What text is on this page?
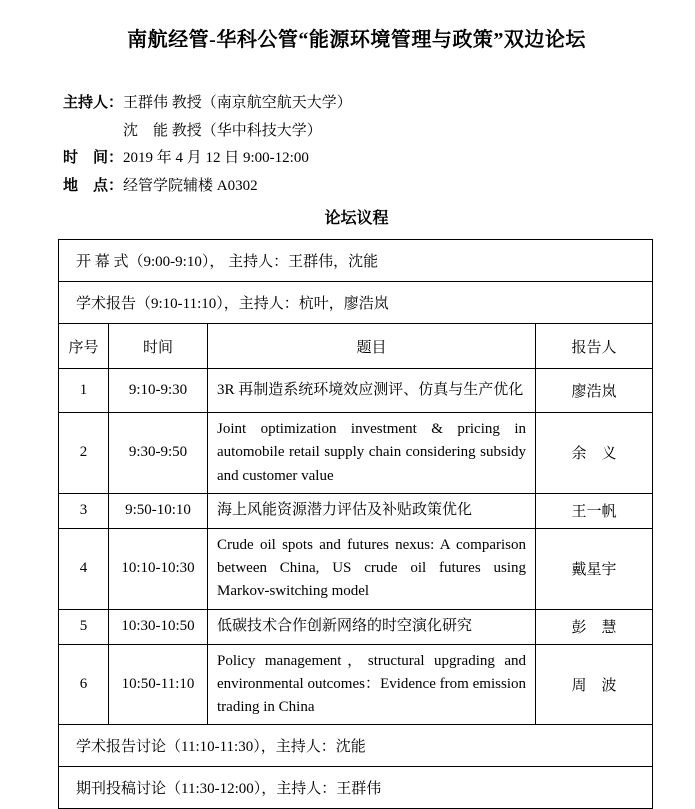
南航经管-华科公管“能源环境管理与政策”双边论坛
主持人：王群伟 教授（南京航空航天大学）
沈　能 教授（华中科技大学）
时　间：2019 年 4 月 12 日 9:00-12:00
地　点：经管学院辅楼 A0302
论坛议程
开 幕 式（9:00-9:10）， 主持人：王群伟，沈能			
学术报告（9:10-11:10），主持人：杭叶，廖浩岚			
序号	时间	题目	报告人
1	9:10-9:30	3R 再制造系统环境效应测评、仿真与生产优化	廖浩岚
2	9:30-9:50	Joint optimization investment & pricing in automobile retail supply chain considering subsidy and customer value	余　义
3	9:50-10:10	海上风能资源潜力评估及补贴政策优化	王一帆
4	10:10-10:30	Crude oil spots and futures nexus: A comparison between China, US crude oil futures using Markov-switching model	戴星宇
5	10:30-10:50	低碳技术合作创新网络的时空演化研究	彭　慧
6	10:50-11:10	Policy management，structural upgrading and environmental outcomes：Evidence from emission trading in China	周　波
学术报告讨论（11:10-11:30），主持人：沈能			
期刊投稿讨论（11:30-12:00），主持人：王群伟			
